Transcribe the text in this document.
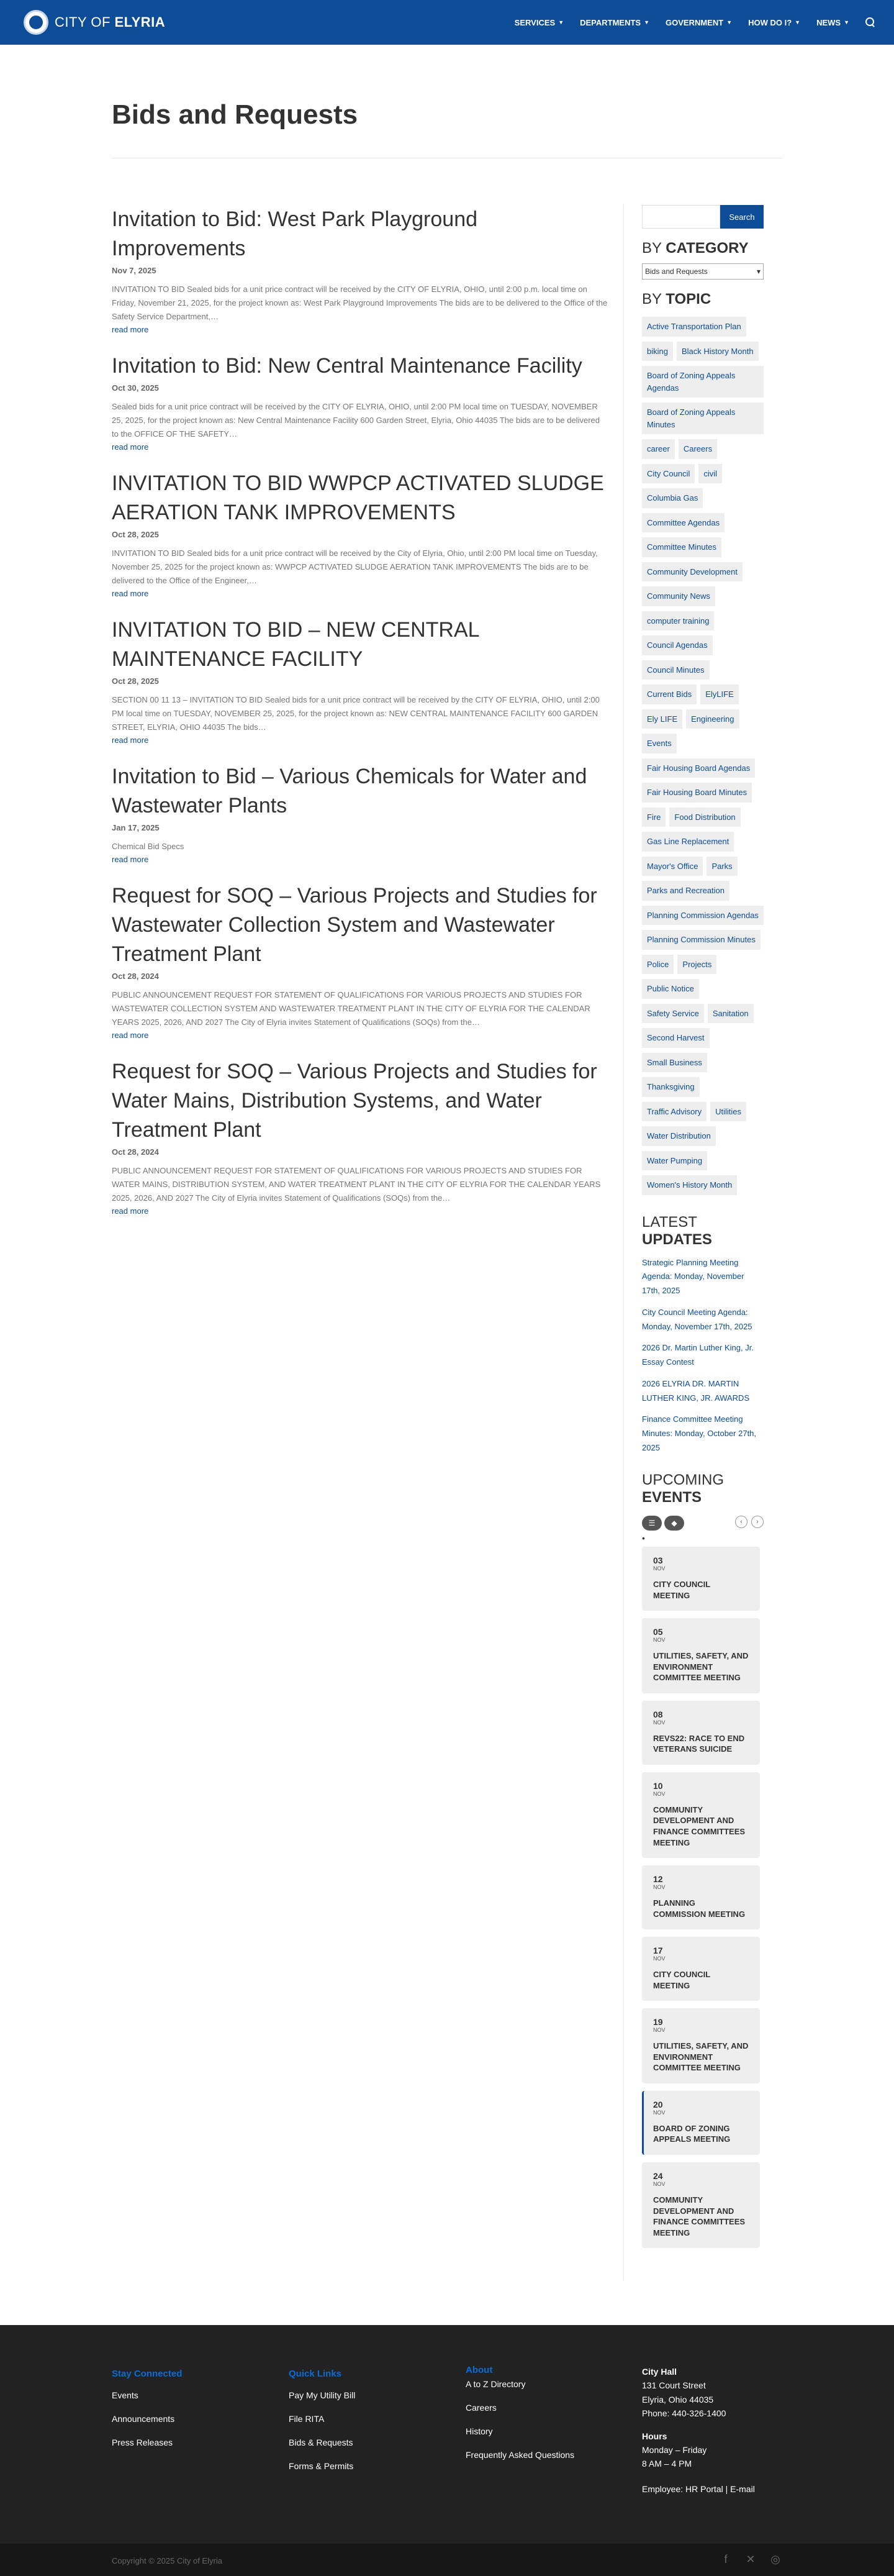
CITY OF ELYRIA	SERVICES ▼ DEPARTMENTS ▼ GOVERNMENT ▼ HOW DO I? ▼ NEWS ▼
Bids and Requests
Invitation to Bid: West Park Playground Improvements
Nov 7, 2025
INVITATION TO BID Sealed bids for a unit price contract will be received by the CITY OF ELYRIA, OHIO, until 2:00 p.m. local time on Friday, November 21, 2025, for the project known as: West Park Playground Improvements The bids are to be delivered to the Office of the Safety Service Department,…
read more
Invitation to Bid: New Central Maintenance Facility
Oct 30, 2025
Sealed bids for a unit price contract will be received by the CITY OF ELYRIA, OHIO, until 2:00 PM local time on TUESDAY, NOVEMBER 25, 2025, for the project known as: New Central Maintenance Facility 600 Garden Street, Elyria, Ohio 44035 The bids are to be delivered to the OFFICE OF THE SAFETY…
read more
INVITATION TO BID WWPCP ACTIVATED SLUDGE AERATION TANK IMPROVEMENTS
Oct 28, 2025
INVITATION TO BID Sealed bids for a unit price contract will be received by the City of Elyria, Ohio, until 2:00 PM local time on Tuesday, November 25, 2025 for the project known as: WWPCP ACTIVATED SLUDGE AERATION TANK IMPROVEMENTS The bids are to be delivered to the Office of the Engineer,…
read more
INVITATION TO BID – NEW CENTRAL MAINTENANCE FACILITY
Oct 28, 2025
SECTION 00 11 13 – INVITATION TO BID Sealed bids for a unit price contract will be received by the CITY OF ELYRIA, OHIO, until 2:00 PM local time on TUESDAY, NOVEMBER 25, 2025, for the project known as: NEW CENTRAL MAINTENANCE FACILITY 600 GARDEN STREET, ELYRIA, OHIO 44035 The bids…
read more
Invitation to Bid – Various Chemicals for Water and Wastewater Plants
Jan 17, 2025
Chemical Bid Specs
read more
Request for SOQ – Various Projects and Studies for Wastewater Collection System and Wastewater Treatment Plant
Oct 28, 2024
PUBLIC ANNOUNCEMENT REQUEST FOR STATEMENT OF QUALIFICATIONS FOR VARIOUS PROJECTS AND STUDIES FOR WASTEWATER COLLECTION SYSTEM AND WASTEWATER TREATMENT PLANT IN THE CITY OF ELYRIA FOR THE CALENDAR YEARS 2025, 2026, AND 2027 The City of Elyria invites Statement of Qualifications (SOQs) from the…
read more
Request for SOQ – Various Projects and Studies for Water Mains, Distribution Systems, and Water Treatment Plant
Oct 28, 2024
PUBLIC ANNOUNCEMENT REQUEST FOR STATEMENT OF QUALIFICATIONS FOR VARIOUS PROJECTS AND STUDIES FOR WATER MAINS, DISTRIBUTION SYSTEM, AND WATER TREATMENT PLANT IN THE CITY OF ELYRIA FOR THE CALENDAR YEARS 2025, 2026, AND 2027 The City of Elyria invites Statement of Qualifications (SOQs) from the…
read more
Search
BY CATEGORY
Bids and Requests	▾
BY TOPIC
Active Transportation Plan
biking	Black History Month
Board of Zoning Appeals Agendas
Board of Zoning Appeals Minutes
career	Careers
City Council	civil
Columbia Gas
Committee Agendas
Committee Minutes
Community Development
Community News
computer training
Council Agendas
Council Minutes
Current Bids	ElyLIFE
Ely LIFE	Engineering
Events
Fair Housing Board Agendas
Fair Housing Board Minutes
Fire	Food Distribution
Gas Line Replacement
Mayor's Office	Parks
Parks and Recreation
Planning Commission Agendas
Planning Commission Minutes
Police	Projects
Public Notice
Safety Service	Sanitation
Second Harvest
Small Business
Thanksgiving
Traffic Advisory	Utilities
Water Distribution
Water Pumping
Women's History Month
LATEST UPDATES
Strategic Planning Meeting Agenda: Monday, November 17th, 2025
City Council Meeting Agenda: Monday, November 17th, 2025
2026 Dr. Martin Luther King, Jr. Essay Contest
2026 ELYRIA DR. MARTIN LUTHER KING, JR. AWARDS
Finance Committee Meeting Minutes: Monday, October 27th, 2025
UPCOMING
EVENTS
☰	◆	‹	›
•
03
NOV
CITY COUNCIL MEETING
05
NOV
UTILITIES, SAFETY, AND ENVIRONMENT COMMITTEE MEETING
08
NOV
REVS22: RACE TO END VETERANS SUICIDE
10
NOV
COMMUNITY DEVELOPMENT AND FINANCE COMMITTEES MEETING
12
NOV
PLANNING COMMISSION MEETING
17
NOV
CITY COUNCIL MEETING
19
NOV
UTILITIES, SAFETY, AND ENVIRONMENT COMMITTEE MEETING
20
NOV
BOARD OF ZONING APPEALS MEETING
24
NOV
COMMUNITY DEVELOPMENT AND FINANCE COMMITTEES MEETING
Stay Connected
Events
Announcements
Press Releases
Quick Links
Pay My Utility Bill
File RITA
Bids & Requests
Forms & Permits
About
A to Z Directory
Careers
History
Frequently Asked Questions
City Hall
131 Court Street
Elyria, Ohio 44035
Phone: 440-326-1400
Hours
Monday – Friday
8 AM – 4 PM
Employee: HR Portal | E-mail
Copyright © 2025 City of Elyria	f	✕ ◎
